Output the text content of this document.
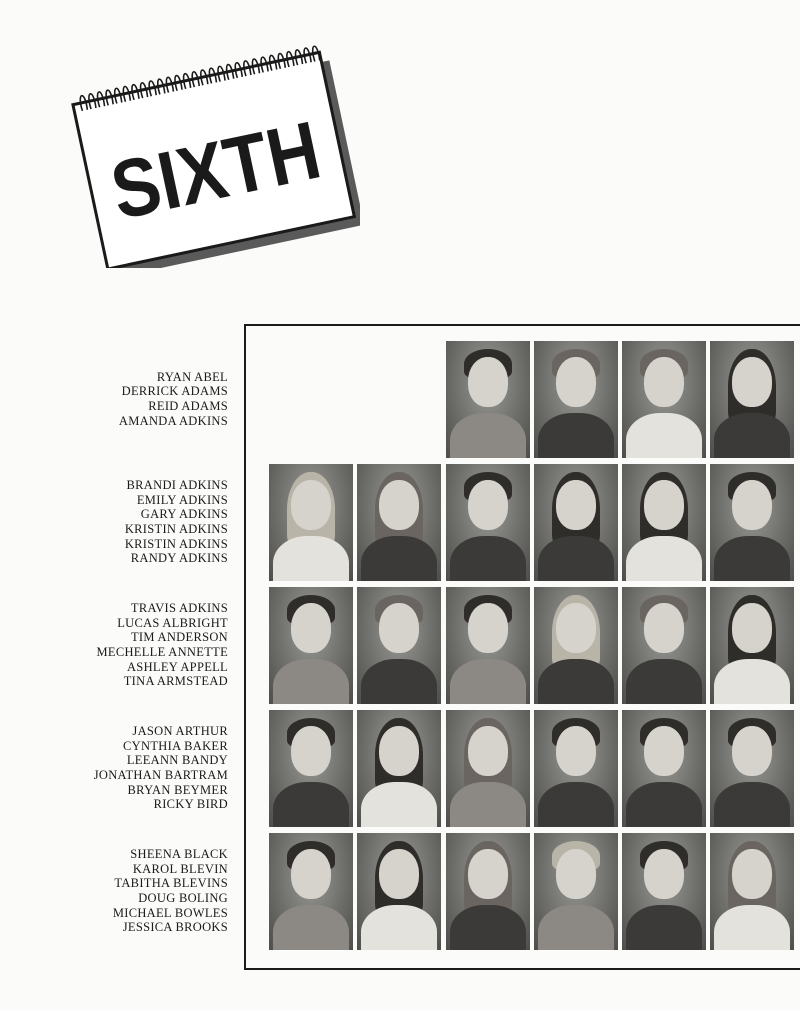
SIXTH
RYAN ABEL
DERRICK ADAMS
REID ADAMS
AMANDA ADKINS
BRANDI ADKINS
EMILY ADKINS
GARY ADKINS
KRISTIN ADKINS
KRISTIN ADKINS
RANDY ADKINS
TRAVIS ADKINS
LUCAS ALBRIGHT
TIM ANDERSON
MECHELLE ANNETTE
ASHLEY APPELL
TINA ARMSTEAD
JASON ARTHUR
CYNTHIA BAKER
LEEANN BANDY
JONATHAN BARTRAM
BRYAN BEYMER
RICKY BIRD
SHEENA BLACK
KAROL BLEVIN
TABITHA BLEVINS
DOUG BOLING
MICHAEL BOWLES
JESSICA BROOKS
